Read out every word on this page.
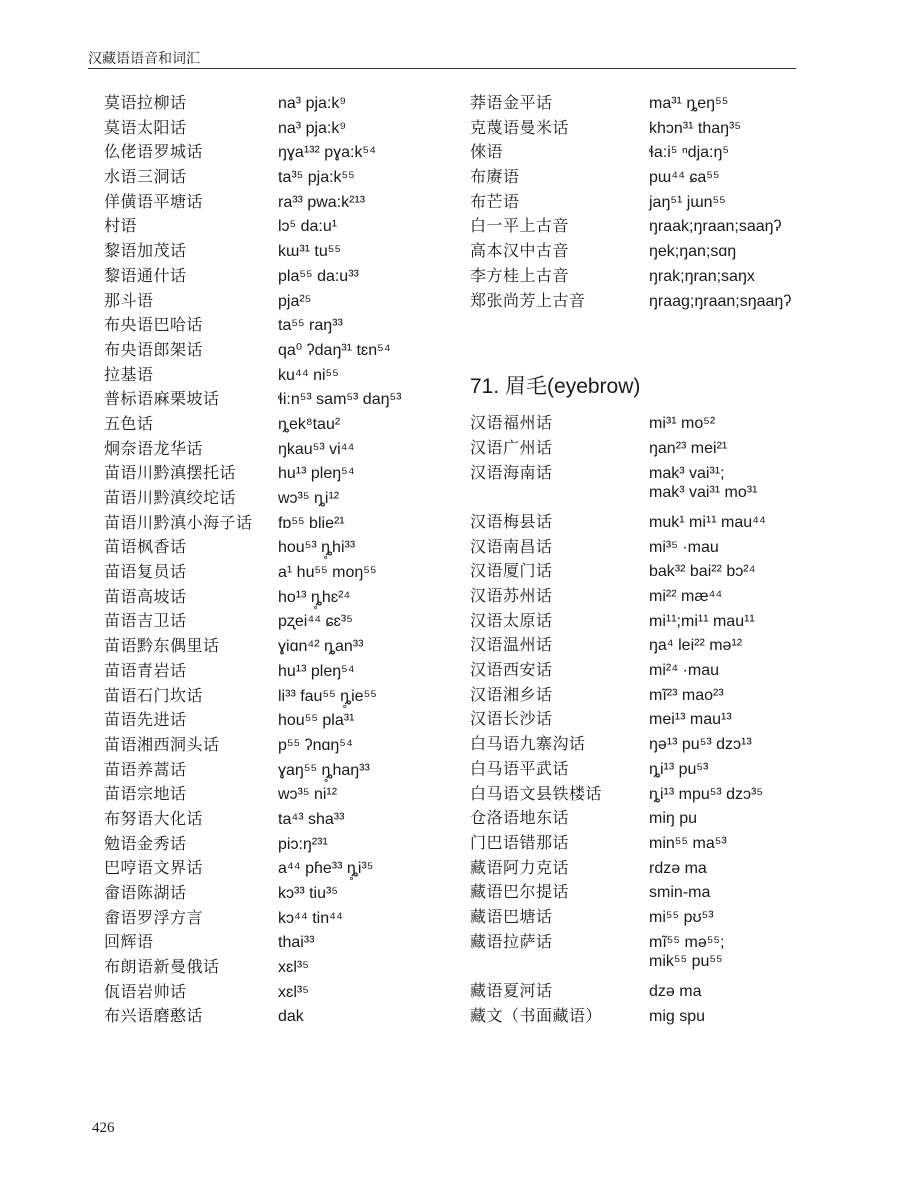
汉藏语语音和词汇
莫语拉柳话	na³ pja:k⁹
莫语太阳话	na³ pja:k⁹
仫佬语罗城话	ŋɣa¹³² pɣa:k⁵⁴
水语三洞话	ta³⁵ pja:k⁵⁵
佯僙语平塘话	ra³³ pwa:k²¹³
村语	lɔ⁵ da:u¹
黎语加茂话	kɯ³¹ tu⁵⁵
黎语通什话	pla⁵⁵ da:u³³
那斗语	pja²⁵
布央语巴哈话	ta⁵⁵ raŋ³³
布央语郎架话	qa⁰ ʔdaŋ³¹ tɛn⁵⁴
拉基语	ku⁴⁴ ni⁵⁵
普标语麻栗坡话	ɬi:n⁵³ sam⁵³ daŋ⁵³
五色话	ȵek⁸tau²
炯奈语龙华话	ŋkau⁵³ vi⁴⁴
苗语川黔滇摆托话	hu¹³ pleŋ⁵⁴
苗语川黔滇绞坨话	wɔ³⁵ ȵi¹²
苗语川黔滇小海子话	fɒ⁵⁵ blie²¹
苗语枫香话	hou⁵³ ȵ̥hi³³
苗语复员话	a¹ hu⁵⁵ moŋ⁵⁵
苗语高坡话	ho¹³ ȵ̥hɛ²⁴
苗语吉卫话	pʐei⁴⁴ ɕɛ³⁵
苗语黔东偶里话	ɣiɑn⁴² ȵan³³
苗语青岩话	hu¹³ pleŋ⁵⁴
苗语石门坎话	li³³ fau⁵⁵ ȵ̥ie⁵⁵
苗语先进话	hou⁵⁵ pla³¹
苗语湘西洞头话	p⁵⁵ ʔnɑŋ⁵⁴
苗语养蒿话	ɣaŋ⁵⁵ ȵ̥haŋ³³
苗语宗地话	wɔ³⁵ ni¹²
布努语大化话	ta⁴³ sha³³
勉语金秀话	piɔ:ŋ²³¹
巴哼语文界话	a⁴⁴ pɦe³³ ȵ̥i³⁵
畲语陈湖话	kɔ³³ tiu³⁵
畲语罗浮方言	kɔ⁴⁴ tin⁴⁴
回辉语	thai³³
布朗语新曼俄话	xɛl³⁵
佤语岩帅话	xɛl³⁵
布兴语磨憨话	dak
莽语金平话	ma³¹ ȵeŋ⁵⁵
克蔑语曼米话	khɔn³¹ thaŋ³⁵
倈语	ɬa:i⁵ ⁿdja:ŋ⁵
布赓语	pɯ⁴⁴ ɕa⁵⁵
布芒语	jaŋ⁵¹ jɯn⁵⁵
白一平上古音	ŋraak;ŋraan;saaŋʔ
高本汉中古音	ŋek;ŋan;sɑŋ
李方桂上古音	ŋrak;ŋran;saŋx
郑张尚芳上古音	ŋraag;ŋraan;sŋaaŋʔ
71. 眉毛(eyebrow)
汉语福州话	mi³¹ mo⁵²
汉语广州话	ŋan²³ mei²¹
汉语海南话	mak³ vai³¹;
mak³ vai³¹ mo³¹
汉语梅县话	muk¹ mi¹¹ mau⁴⁴
汉语南昌话	mi³⁵ ·mau
汉语厦门话	bak³² bai²² bɔ²⁴
汉语苏州话	mi²² mæ⁴⁴
汉语太原话	mi¹¹;mi¹¹ mau¹¹
汉语温州话	ŋa⁴ lei²² mə¹²
汉语西安话	mi²⁴ ·mau
汉语湘乡话	mĩ²³ mao²³
汉语长沙话	mei¹³ mau¹³
白马语九寨沟话	ŋə¹³ pu⁵³ dzɔ¹³
白马语平武话	ȵi¹³ pu⁵³
白马语文县铁楼话	ȵi¹³ mpu⁵³ dzɔ³⁵
仓洛语地东话	miŋ pu
门巴语错那话	min⁵⁵ ma⁵³
藏语阿力克话	rdzə ma
藏语巴尔提话	smin-ma
藏语巴塘话	mi⁵⁵ pʊ⁵³
藏语拉萨话	mĩ⁵⁵ mə⁵⁵;
mik⁵⁵ pu⁵⁵
藏语夏河话	dzə ma
藏文（书面藏语）	mig spu
426
